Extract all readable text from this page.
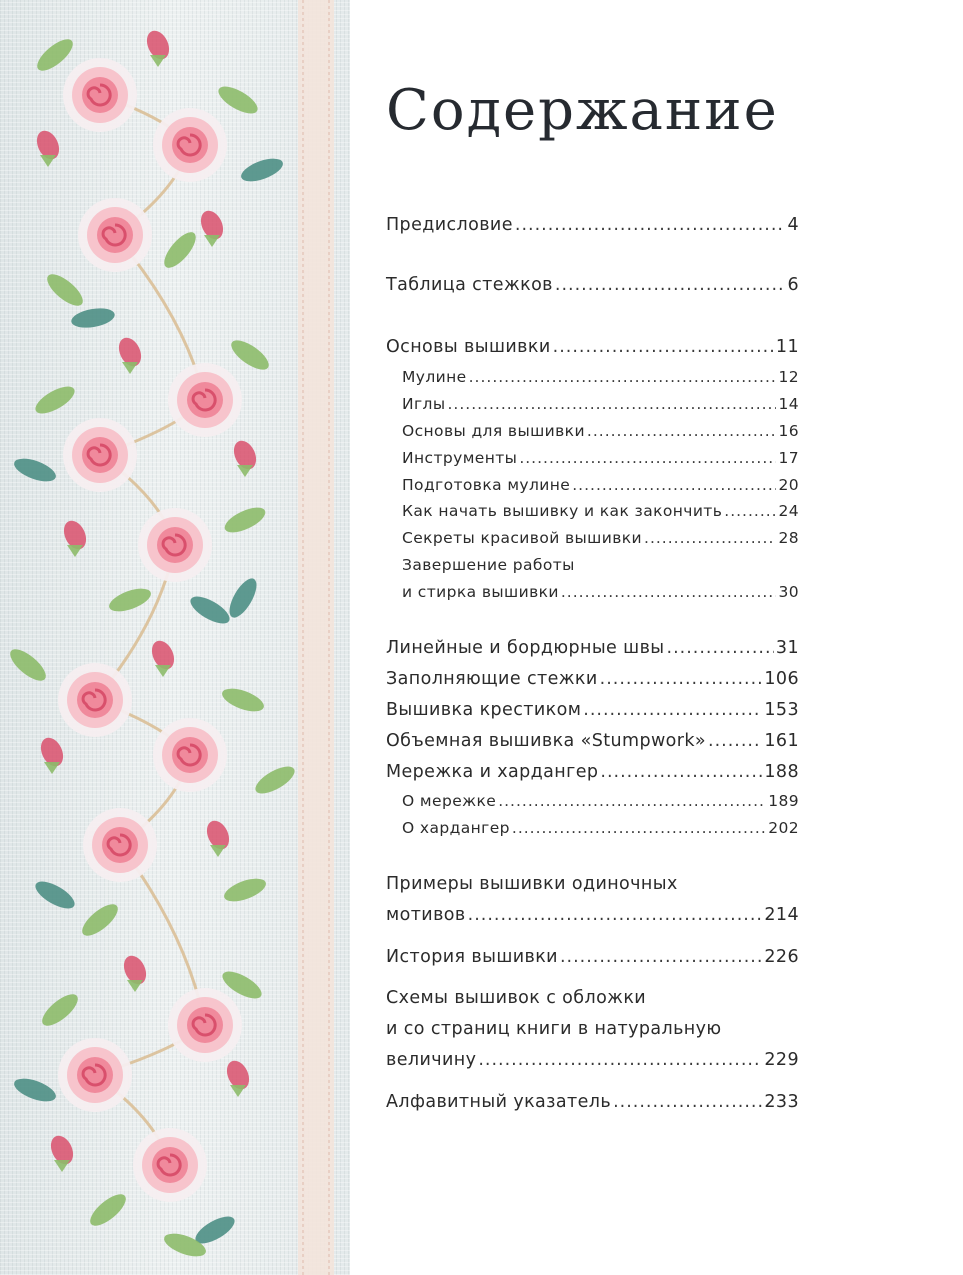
Содержание
Предисловие .....	4
Таблица стежков .....	6
Основы вышивки .....	11
Мулине .....	12
Иглы .....	14
Основы для вышивки .....	16
Инструменты .....	17
Подготовка мулине .....	20
Как начать вышивку и как закончить .....	24
Секреты красивой вышивки .....	28
Завершение работы
и стирка вышивки .....	30
Линейные и бордюрные швы .....	31
Заполняющие стежки .....	106
Вышивка крестиком .....	153
Объемная вышивка «Stumpwork» .....	161
Мережка и хардангер .....	188
О мережке .....	189
О хардангер .....	202
Примеры вышивки одиночных
мотивов .....	214
История вышивки .....	226
Схемы вышивок с обложки
и со страниц книги в натуральную
величину .....	229
Алфавитный указатель .....	233
